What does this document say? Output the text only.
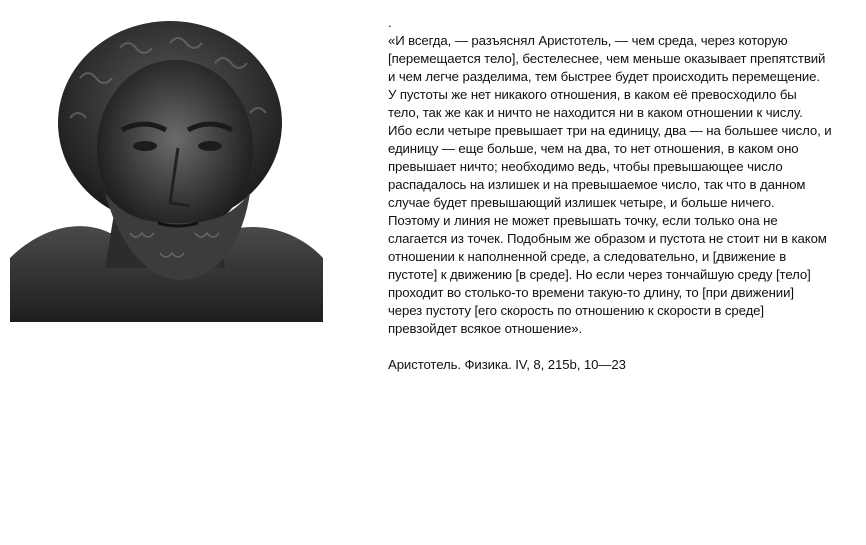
.
«И всегда, — разъяснял Аристотель, — чем среда, через которую
[перемещается тело], бестелеснее, чем меньше оказывает препятствий
и чем легче разделима, тем быстрее будет происходить перемещение.
У пустоты же нет никакого отношения, в каком её превосходило бы
тело, так же как и ничто не находится ни в каком отношении к числу.
Ибо если четыре превышает три на единицу, два — на большее число, и
единицу — еще больше, чем на два, то нет отношения, в каком оно
превышает ничто; необходимо ведь, чтобы превышающее число
распадалось на излишек и на превышаемое число, так что в данном
случае будет превышающий излишек четыре, и больше ничего.
Поэтому и линия не может превышать точку, если только она не
слагается из точек. Подобным же образом и пустота не стоит ни в каком
отношении к наполненной среде, а следовательно, и [движение в
пустоте] к движению [в среде]. Но если через тончайшую среду [тело]
проходит во столько-то времени такую-то длину, то [при движении]
через пустоту [его скорость по отношению к скорости в среде]
превзойдет всякое отношение».
Аристотель. Физика. IV, 8, 215b, 10—23
